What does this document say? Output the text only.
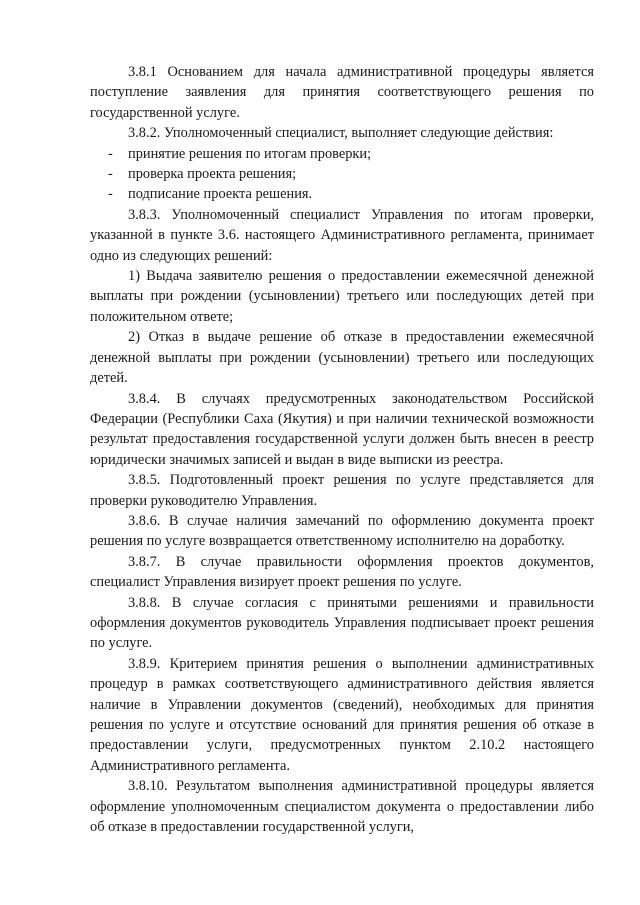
3.8.1 Основанием для начала административной процедуры является поступление заявления для принятия соответствующего решения по государственной услуге.

3.8.2. Уполномоченный специалист, выполняет следующие действия:

-	принятие решения по итогам проверки;
-	проверка проекта решения;
-	подписание проекта решения.

3.8.3. Уполномоченный специалист Управления по итогам проверки, указанной в пункте 3.6. настоящего Административного регламента, принимает одно из следующих решений:

1) Выдача заявителю решения о предоставлении ежемесячной денежной выплаты при рождении (усыновлении) третьего или последующих детей при положительном ответе;

2) Отказ в выдаче решение об отказе в предоставлении ежемесячной денежной выплаты при рождении (усыновлении) третьего или последующих детей.

3.8.4. В случаях предусмотренных законодательством Российской Федерации (Республики Саха (Якутия) и при наличии технической возможности результат предоставления государственной услуги должен быть внесен в реестр юридически значимых записей и выдан в виде выписки из реестра.

3.8.5. Подготовленный проект решения по услуге представляется для проверки руководителю Управления.

3.8.6. В случае наличия замечаний по оформлению документа проект решения по услуге возвращается ответственному исполнителю на доработку.

3.8.7. В случае правильности оформления проектов документов, специалист Управления визирует проект решения по услуге.

3.8.8. В случае согласия с принятыми решениями и правильности оформления документов руководитель Управления подписывает проект решения по услуге.

3.8.9. Критерием принятия решения о выполнении административных процедур в рамках соответствующего административного действия является наличие в Управлении документов (сведений), необходимых для принятия решения по услуге и отсутствие оснований для принятия решения об отказе в предоставлении услуги, предусмотренных пунктом 2.10.2 настоящего Административного регламента.

3.8.10. Результатом выполнения административной процедуры является оформление уполномоченным специалистом документа о предоставлении либо об отказе в предоставлении государственной услуги,
